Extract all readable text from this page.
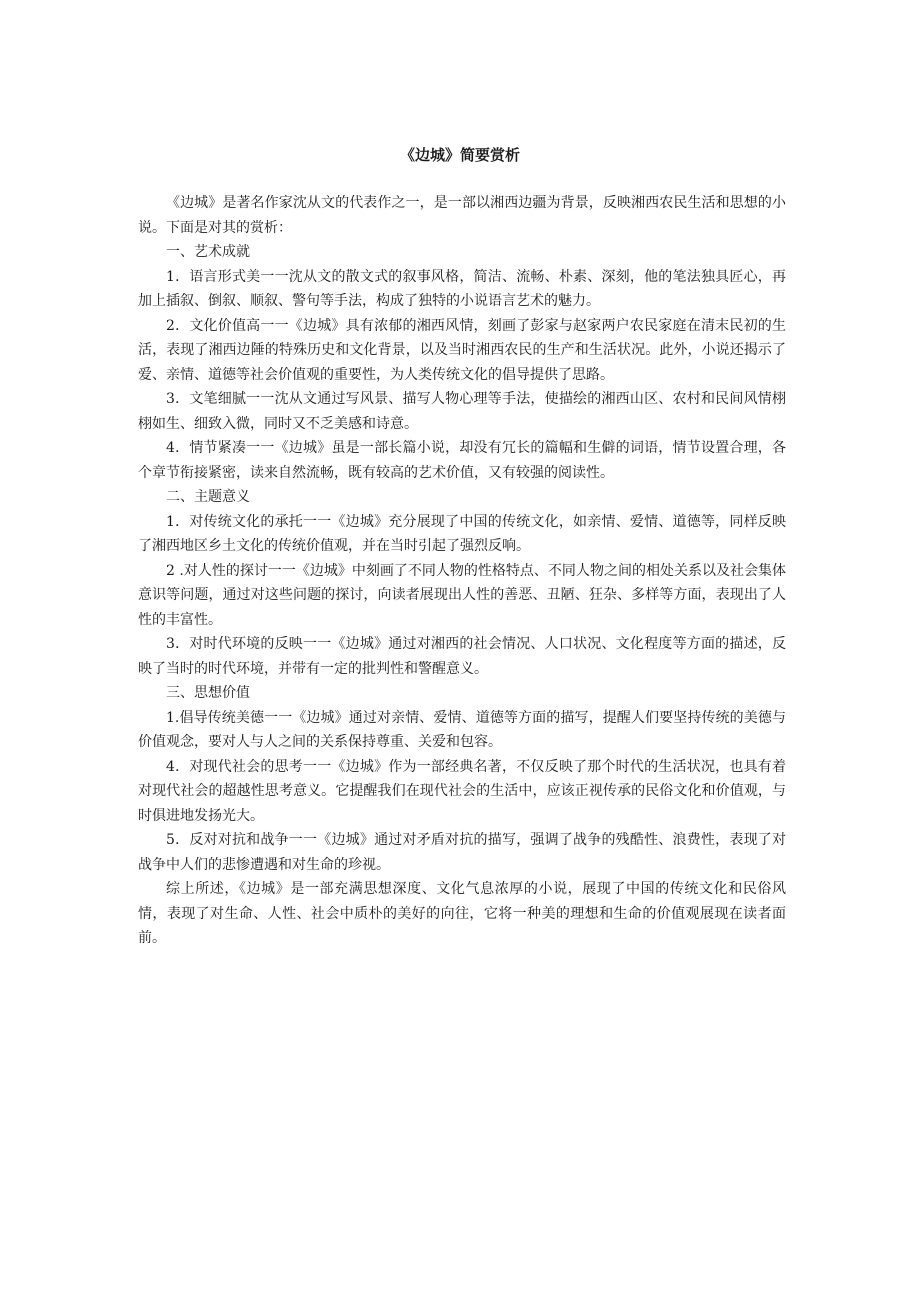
《边城》简要赏析

《边城》是著名作家沈从文的代表作之一，是一部以湘西边疆为背景，反映湘西农民生活和思想的小说。下面是对其的赏析：

一、艺术成就

1．语言形式美一一沈从文的散文式的叙事风格，简洁、流畅、朴素、深刻，他的笔法独具匠心，再加上插叙、倒叙、顺叙、警句等手法，构成了独特的小说语言艺术的魅力。

2．文化价值高一一《边城》具有浓郁的湘西风情，刻画了彭家与赵家两户农民家庭在清末民初的生活，表现了湘西边陲的特殊历史和文化背景，以及当时湘西农民的生产和生活状况。此外，小说还揭示了爱、亲情、道德等社会价值观的重要性，为人类传统文化的倡导提供了思路。

3．文笔细腻一一沈从文通过写风景、描写人物心理等手法，使描绘的湘西山区、农村和民间风情栩栩如生、细致入微，同时又不乏美感和诗意。

4．情节紧凑一一《边城》虽是一部长篇小说，却没有冗长的篇幅和生僻的词语，情节设置合理，各个章节衔接紧密，读来自然流畅，既有较高的艺术价值，又有较强的阅读性。

二、主题意义

1．对传统文化的承托一一《边城》充分展现了中国的传统文化，如亲情、爱情、道德等，同样反映了湘西地区乡土文化的传统价值观，并在当时引起了强烈反响。

2 .对人性的探讨一一《边城》中刻画了不同人物的性格特点、不同人物之间的相处关系以及社会集体意识等问题，通过对这些问题的探讨，向读者展现出人性的善恶、丑陋、狂杂、多样等方面，表现出了人性的丰富性。

3．对时代环境的反映一一《边城》通过对湘西的社会情况、人口状况、文化程度等方面的描述，反映了当时的时代环境，并带有一定的批判性和警醒意义。

三、思想价值

1.倡导传统美德一一《边城》通过对亲情、爱情、道德等方面的描写，提醒人们要坚持传统的美德与价值观念，要对人与人之间的关系保持尊重、关爱和包容。

4．对现代社会的思考一一《边城》作为一部经典名著，不仅反映了那个时代的生活状况，也具有着对现代社会的超越性思考意义。它提醒我们在现代社会的生活中，应该正视传承的民俗文化和价值观，与时俱进地发扬光大。

5．反对对抗和战争一一《边城》通过对矛盾对抗的描写，强调了战争的残酷性、浪费性，表现了对战争中人们的悲惨遭遇和对生命的珍视。

综上所述，《边城》是一部充满思想深度、文化气息浓厚的小说，展现了中国的传统文化和民俗风情，表现了对生命、人性、社会中质朴的美好的向往，它将一种美的理想和生命的价值观展现在读者面前。
